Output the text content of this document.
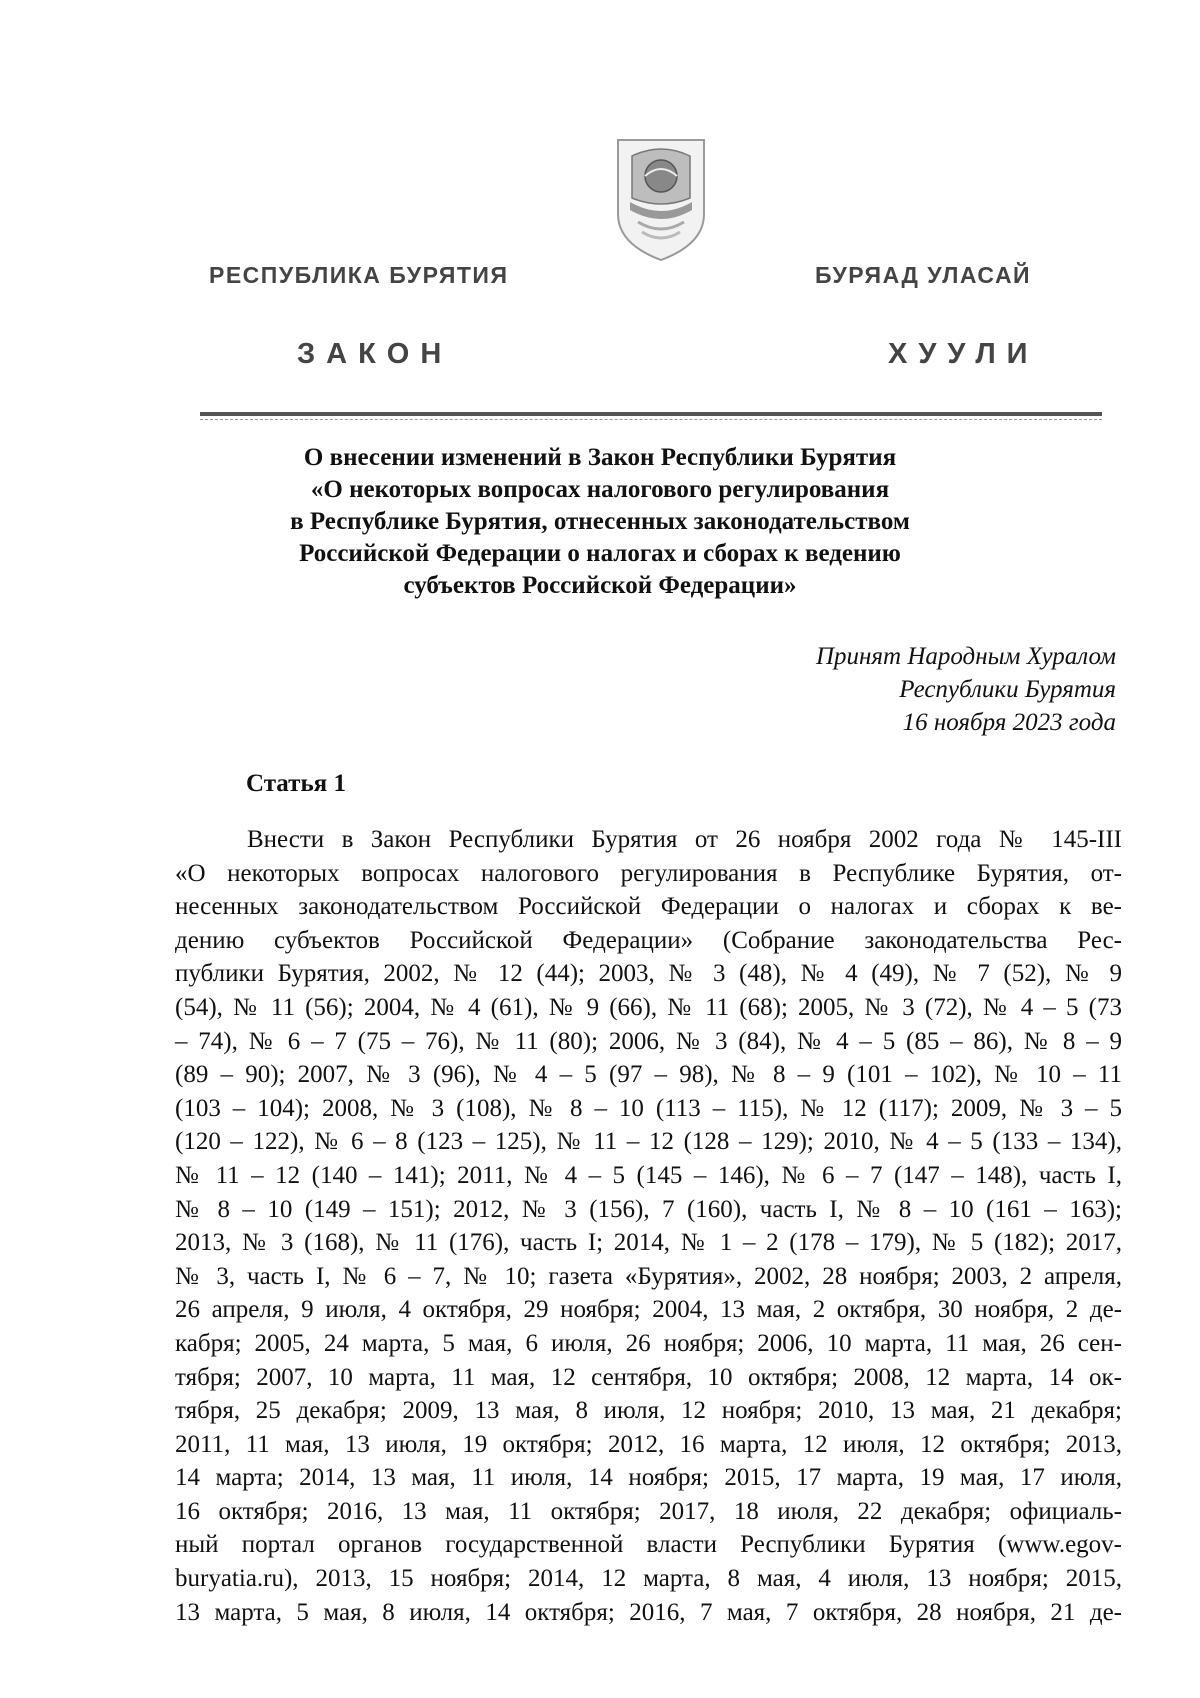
РЕСПУБЛИКА БУРЯТИЯ	БУРЯАД УЛАСАЙ
ЗАКОН	ХУУЛИ
О внесении изменений в Закон Республики Бурятия
«О некоторых вопросах налогового регулирования
в Республике Бурятия, отнесенных законодательством
Российской Федерации о налогах и сборах к ведению
субъектов Российской Федерации»
Принят Народным Хуралом
Республики Бурятия
16 ноября 2023 года
Статья 1
Внести в Закон Республики Бурятия от 26 ноября 2002 года № 145-III
«О некоторых вопросах налогового регулирования в Республике Бурятия, от-
несенных законодательством Российской Федерации о налогах и сборах к ве-
дению субъектов Российской Федерации» (Собрание законодательства Рес-
публики Бурятия, 2002, № 12 (44); 2003, № 3 (48), № 4 (49), № 7 (52), № 9
(54), № 11 (56); 2004, № 4 (61), № 9 (66), № 11 (68); 2005, № 3 (72), № 4 – 5 (73
– 74), № 6 – 7 (75 – 76), № 11 (80); 2006, № 3 (84), № 4 – 5 (85 – 86), № 8 – 9
(89 – 90); 2007, № 3 (96), № 4 – 5 (97 – 98), № 8 – 9 (101 – 102), № 10 – 11
(103 – 104); 2008, № 3 (108), № 8 – 10 (113 – 115), № 12 (117); 2009, № 3 – 5
(120 – 122), № 6 – 8 (123 – 125), № 11 – 12 (128 – 129); 2010, № 4 – 5 (133 – 134),
№ 11 – 12 (140 – 141); 2011, № 4 – 5 (145 – 146), № 6 – 7 (147 – 148), часть I,
№ 8 – 10 (149 – 151); 2012, № 3 (156), 7 (160), часть I, № 8 – 10 (161 – 163);
2013, № 3 (168), № 11 (176), часть I; 2014, № 1 – 2 (178 – 179), № 5 (182); 2017,
№ 3, часть I, № 6 – 7, № 10; газета «Бурятия», 2002, 28 ноября; 2003, 2 апреля,
26 апреля, 9 июля, 4 октября, 29 ноября; 2004, 13 мая, 2 октября, 30 ноября, 2 де-
кабря; 2005, 24 марта, 5 мая, 6 июля, 26 ноября; 2006, 10 марта, 11 мая, 26 сен-
тября; 2007, 10 марта, 11 мая, 12 сентября, 10 октября; 2008, 12 марта, 14 ок-
тября, 25 декабря; 2009, 13 мая, 8 июля, 12 ноября; 2010, 13 мая, 21 декабря;
2011, 11 мая, 13 июля, 19 октября; 2012, 16 марта, 12 июля, 12 октября; 2013,
14 марта; 2014, 13 мая, 11 июля, 14 ноября; 2015, 17 марта, 19 мая, 17 июля,
16 октября; 2016, 13 мая, 11 октября; 2017, 18 июля, 22 декабря; официаль-
ный портал органов государственной власти Республики Бурятия (www.egov-
buryatia.ru), 2013, 15 ноября; 2014, 12 марта, 8 мая, 4 июля, 13 ноября; 2015,
13 марта, 5 мая, 8 июля, 14 октября; 2016, 7 мая, 7 октября, 28 ноября, 21 де-
